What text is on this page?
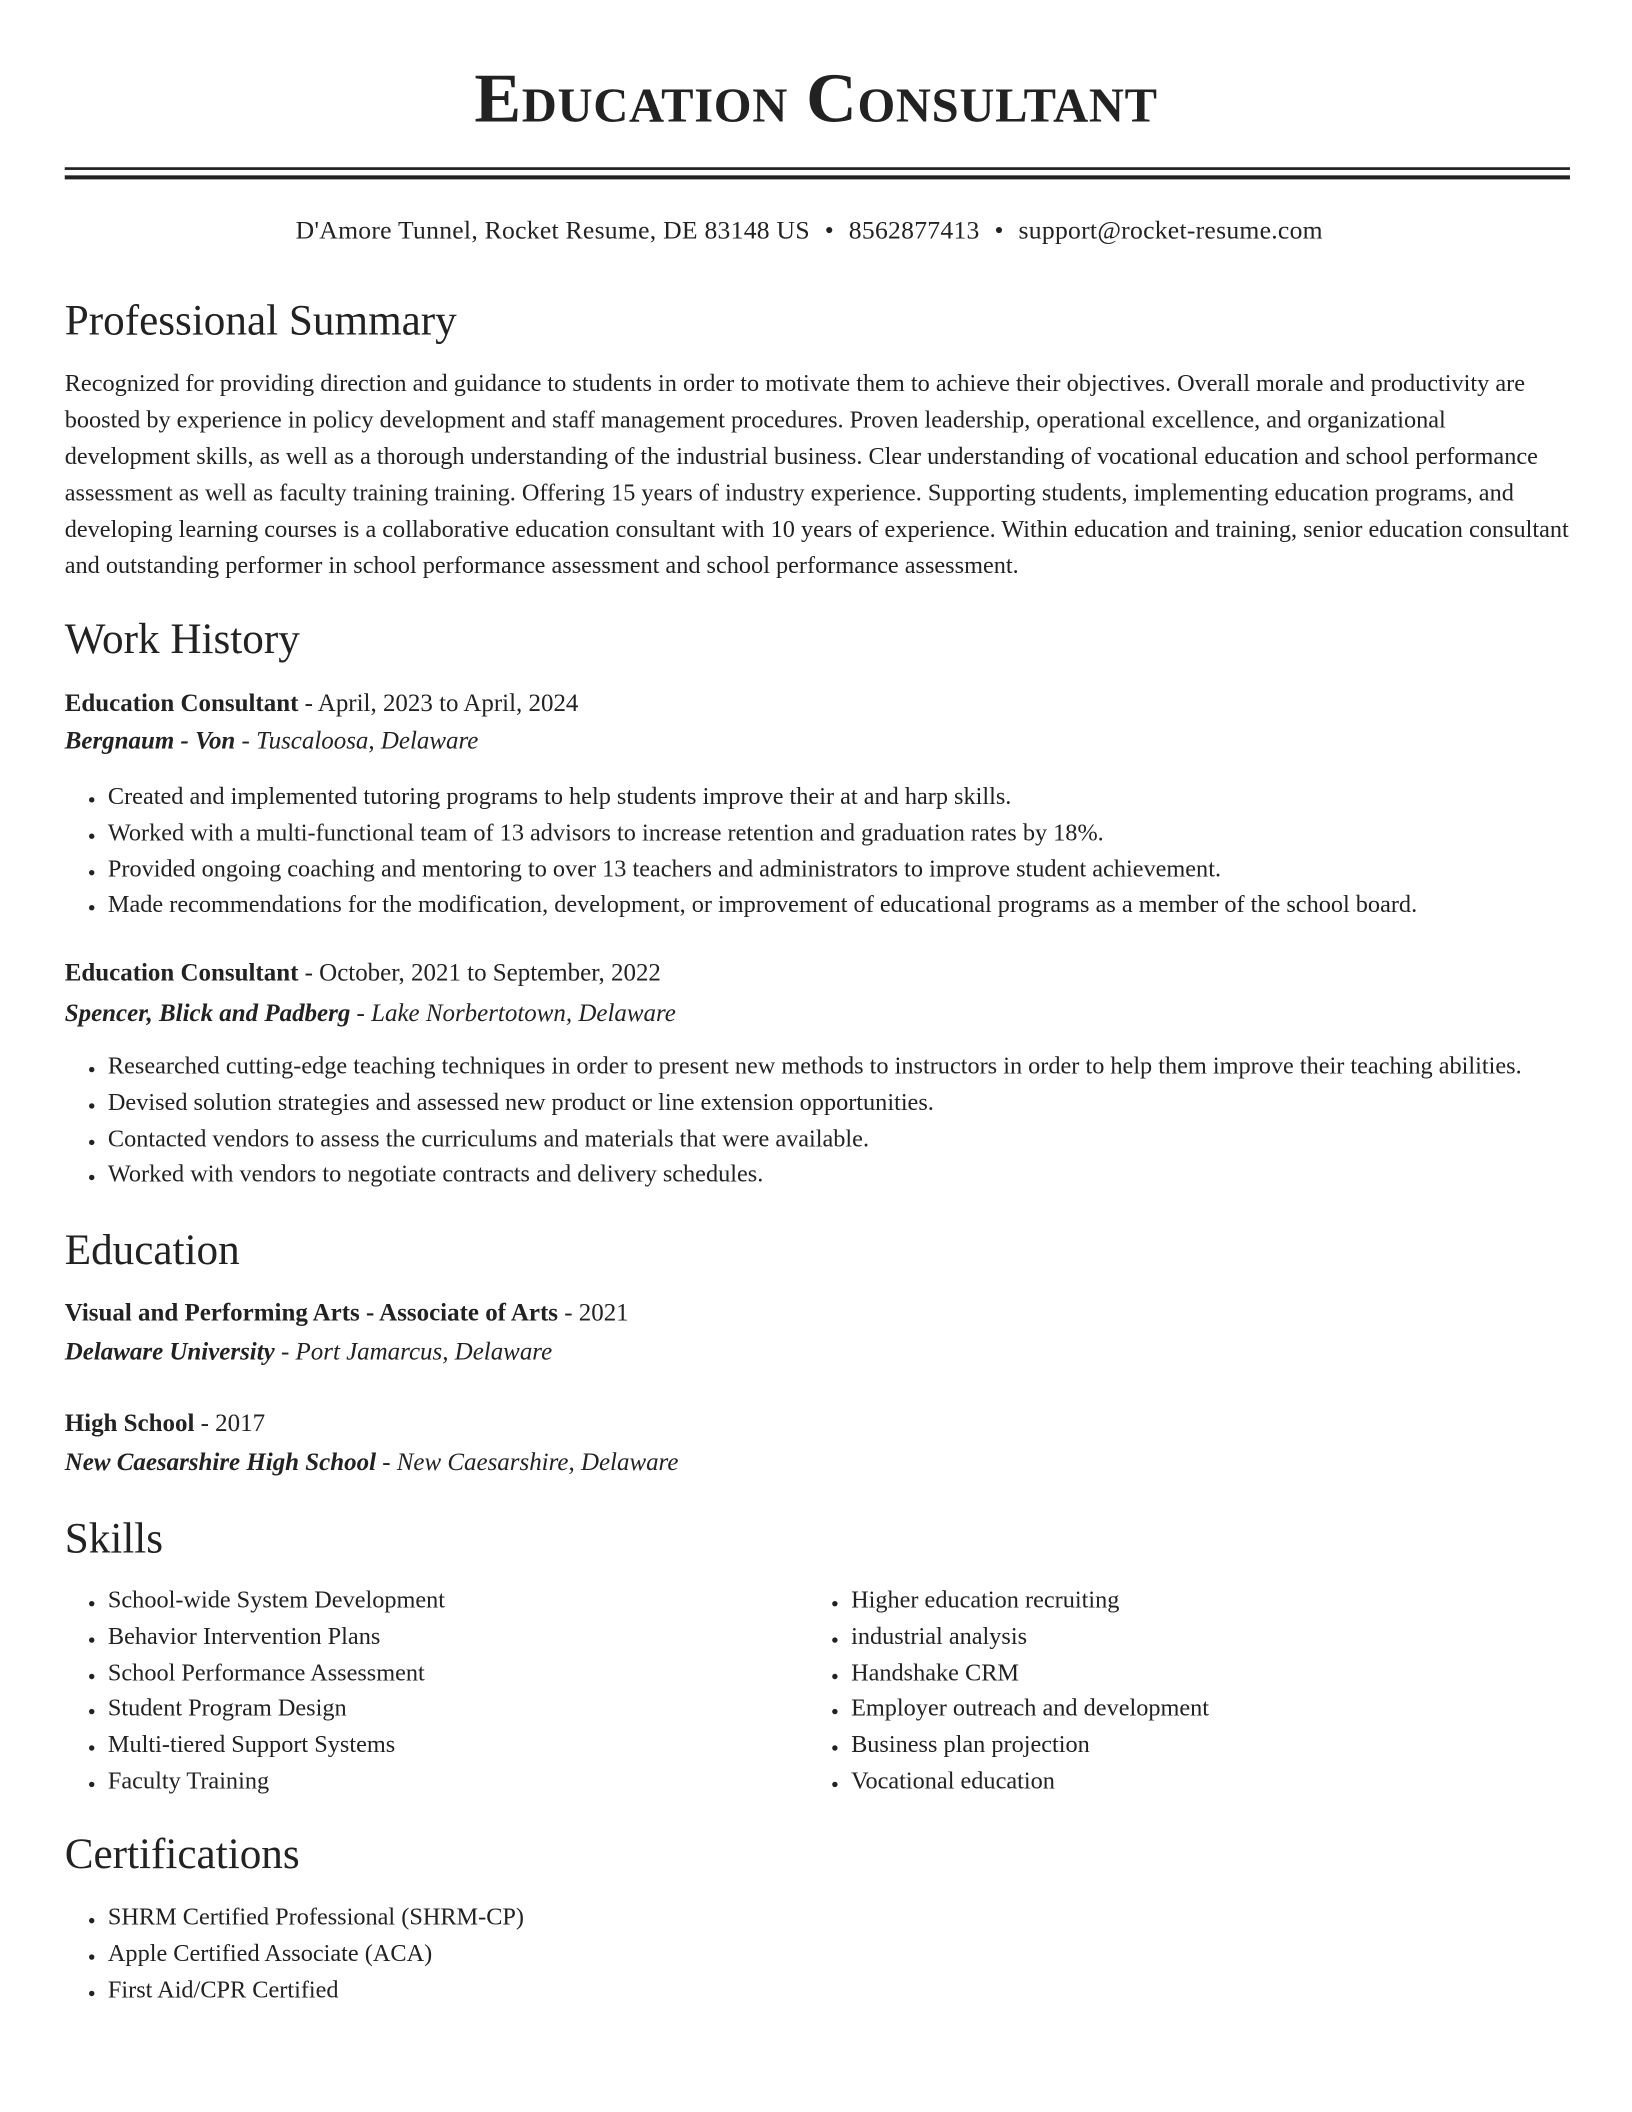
Education Consultant
D'Amore Tunnel, Rocket Resume, DE 83148 US • 8562877413 • support@rocket-resume.com
Professional Summary
Recognized for providing direction and guidance to students in order to motivate them to achieve their objectives. Overall morale and productivity are boosted by experience in policy development and staff management procedures. Proven leadership, operational excellence, and organizational development skills, as well as a thorough understanding of the industrial business. Clear understanding of vocational education and school performance assessment as well as faculty training training. Offering 15 years of industry experience. Supporting students, implementing education programs, and developing learning courses is a collaborative education consultant with 10 years of experience. Within education and training, senior education consultant and outstanding performer in school performance assessment and school performance assessment.
Work History
Education Consultant - April, 2023 to April, 2024
Bergnaum - Von - Tuscaloosa, Delaware
• Created and implemented tutoring programs to help students improve their at and harp skills.
• Worked with a multi-functional team of 13 advisors to increase retention and graduation rates by 18%.
• Provided ongoing coaching and mentoring to over 13 teachers and administrators to improve student achievement.
• Made recommendations for the modification, development, or improvement of educational programs as a member of the school board.
Education Consultant - October, 2021 to September, 2022
Spencer, Blick and Padberg - Lake Norbertotown, Delaware
• Researched cutting-edge teaching techniques in order to present new methods to instructors in order to help them improve their teaching abilities.
• Devised solution strategies and assessed new product or line extension opportunities.
• Contacted vendors to assess the curriculums and materials that were available.
• Worked with vendors to negotiate contracts and delivery schedules.
Education
Visual and Performing Arts - Associate of Arts - 2021
Delaware University - Port Jamarcus, Delaware
High School - 2017
New Caesarshire High School - New Caesarshire, Delaware
Skills
• School-wide System Development
• Behavior Intervention Plans
• School Performance Assessment
• Student Program Design
• Multi-tiered Support Systems
• Faculty Training
• Higher education recruiting
• industrial analysis
• Handshake CRM
• Employer outreach and development
• Business plan projection
• Vocational education
Certifications
• SHRM Certified Professional (SHRM-CP)
• Apple Certified Associate (ACA)
• First Aid/CPR Certified
